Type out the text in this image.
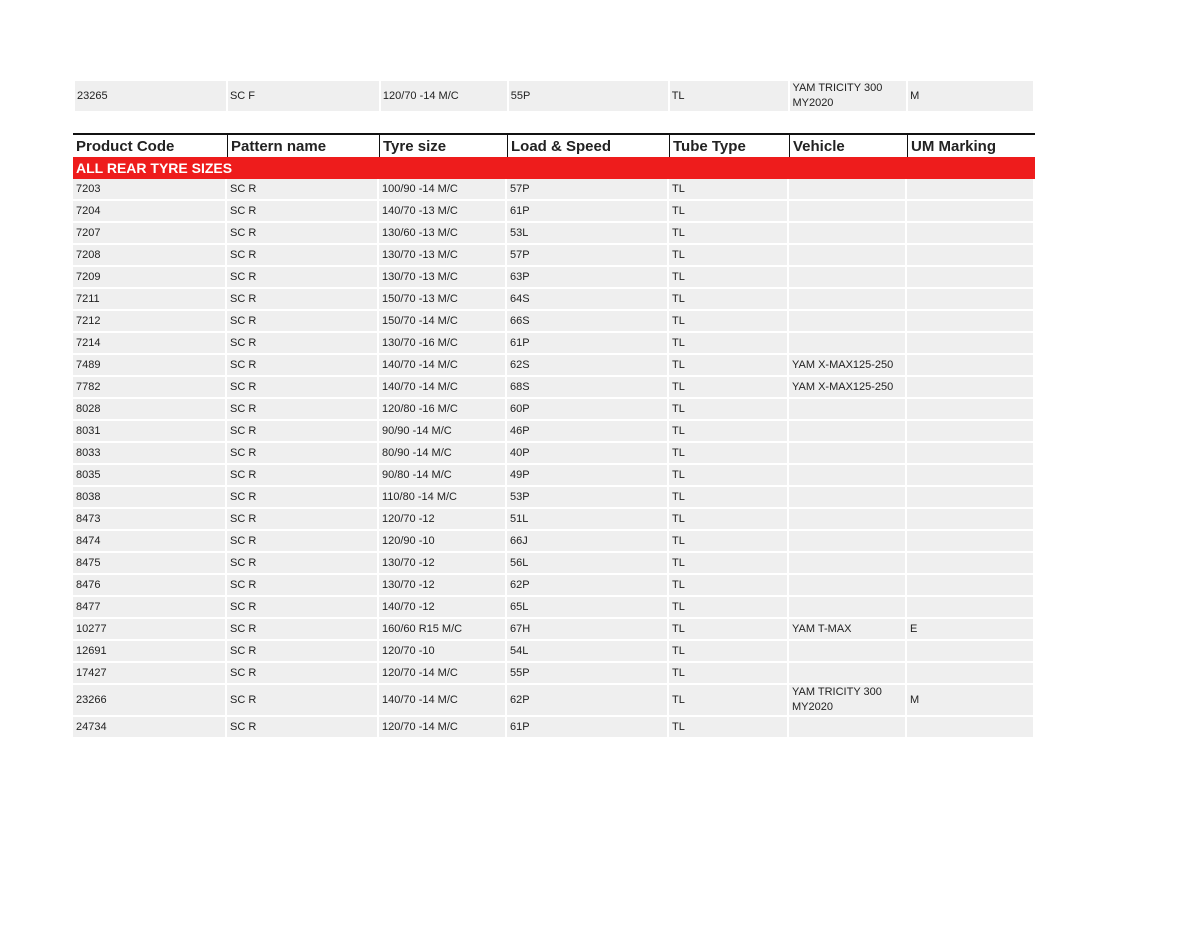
23265	SC F	120/70 -14 M/C	55P	TL	YAM TRICITY 300 MY2020	M
Product Code	Pattern name	Tyre size	Load & Speed	Tube Type	Vehicle	UM Marking
ALL REAR TYRE SIZES						
7203	SC R	100/90 -14 M/C	57P	TL		
7204	SC R	140/70 -13 M/C	61P	TL		
7207	SC R	130/60 -13 M/C	53L	TL		
7208	SC R	130/70 -13 M/C	57P	TL		
7209	SC R	130/70 -13 M/C	63P	TL		
7211	SC R	150/70 -13 M/C	64S	TL		
7212	SC R	150/70 -14 M/C	66S	TL		
7214	SC R	130/70 -16 M/C	61P	TL		
7489	SC R	140/70 -14 M/C	62S	TL	YAM X-MAX125-250	
7782	SC R	140/70 -14 M/C	68S	TL	YAM X-MAX125-250	
8028	SC R	120/80 -16 M/C	60P	TL		
8031	SC R	90/90 -14 M/C	46P	TL		
8033	SC R	80/90 -14 M/C	40P	TL		
8035	SC R	90/80 -14 M/C	49P	TL		
8038	SC R	110/80 -14 M/C	53P	TL		
8473	SC R	120/70 -12	51L	TL		
8474	SC R	120/90 -10	66J	TL		
8475	SC R	130/70 -12	56L	TL		
8476	SC R	130/70 -12	62P	TL		
8477	SC R	140/70 -12	65L	TL		
10277	SC R	160/60 R15 M/C	67H	TL	YAM T-MAX	E
12691	SC R	120/70 -10	54L	TL		
17427	SC R	120/70 -14 M/C	55P	TL		
23266	SC R	140/70 -14 M/C	62P	TL	YAM TRICITY 300 MY2020	M
24734	SC R	120/70 -14 M/C	61P	TL		
